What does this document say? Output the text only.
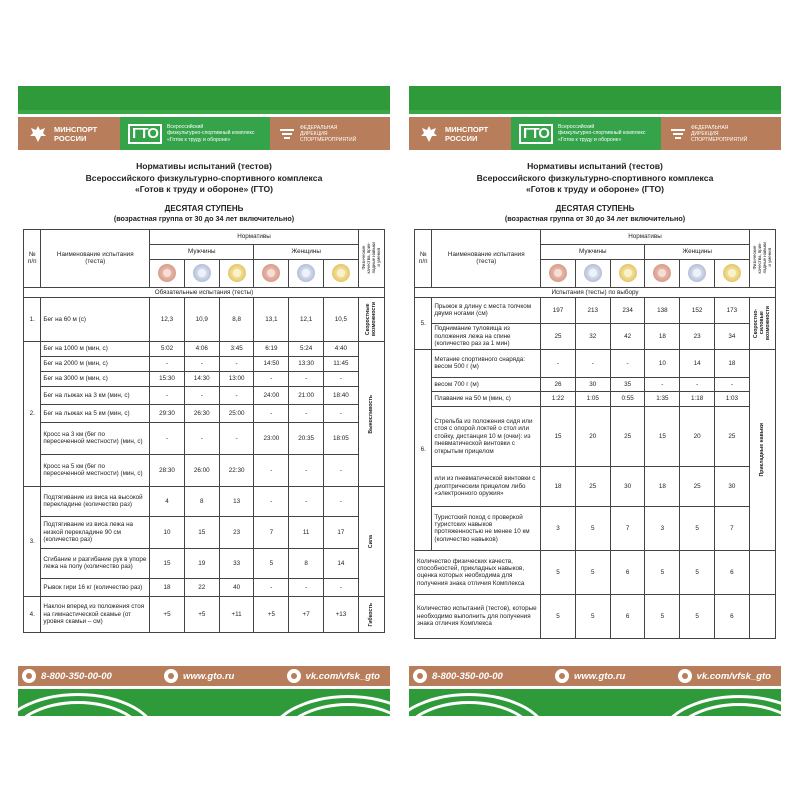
МИНСПОРТ
РОССИИ	ГТО	Всероссийский
физкультурно-спортивный комплекс
«Готов к труду и обороне»
ФЕДЕРАЛЬНАЯ
ДИРЕКЦИЯ
СПОРТМЕРОПРИЯТИЙ
Нормативы испытаний (тестов)
Всероссийского физкультурно-спортивного комплекса
«Готов к труду и обороне» (ГТО)
ДЕСЯТАЯ СТУПЕНЬ
(возрастная группа от 30 до 34 лет включительно)
№
п/п	Наименование испытания
(теста)	Нормативы						Физические
качества, прик-
ладные навыки
и умения

		Мужчины			Женщины			

Обязательные испытания (тесты)								
1.	Бег на 60 м (с)	12,3	10,9	8,8	13,1	12,1	10,5	Скоростные
возможности

2.	Бег на 1000 м (мин, с)	5:02	4:06	3:45	6:19	5:24	4:40	Выносливость

	Бег на 2000 м (мин, с)	-	-	-	14:50	13:30	11:45	
	Бег на 3000 м (мин, с)	15:30	14:30	13:00	-	-	-	
	Бег на лыжах на 3 км (мин, с)	-	-	-	24:00	21:00	18:40	
	Бег на лыжах на 5 км (мин, с)	29:30	26:30	25:00	-	-	-	
	Кросс на 3 км (бег по пересеченной местности) (мин, с)	-	-	-	23:00	20:35	18:05	
	Кросс на 5 км (бег по пересеченной местности) (мин, с)	28:30	26:00	22:30	-	-	-	
3.	Подтягивание из виса на высокой перекладине (количество раз)	4	8	13	-	-	-	Сила

	Подтягивание из виса лежа на низкой перекладине 90 см (количество раз)	10	15	23	7	11	17	
	Сгибание и разгибание рук в упоре лежа на полу (количество раз)	15	19	33	5	8	14	
	Рывок гири 16 кг (количество раз)	18	22	40	-	-	-	
4.	Наклон вперед из положения стоя на гимнастической скамье (от уровня скамьи – см)	+5	+5	+11	+5	+7	+13	Гибкость
8-800-350-00-00	www.gto.ru	vk.com/vfsk_gto
МИНСПОРТ
РОССИИ	ГТО	Всероссийский
физкультурно-спортивный комплекс
«Готов к труду и обороне»
ФЕДЕРАЛЬНАЯ
ДИРЕКЦИЯ
СПОРТМЕРОПРИЯТИЙ
Нормативы испытаний (тестов)
Всероссийского физкультурно-спортивного комплекса
«Готов к труду и обороне» (ГТО)
ДЕСЯТАЯ СТУПЕНЬ
(возрастная группа от 30 до 34 лет включительно)
№
п/п	Наименование испытания
(теста)	Нормативы						Физические
качества, прик-
ладные навыки
и умения

		Мужчины			Женщины			

Испытания (тесты) по выбору								
5.	Прыжок в длину с места толчком двумя ногами (см)	197	213	234	138	152	173	Скоростно-
силовые
возможности

	Поднимание туловища из положения лежа на спине (количество раз за 1 мин)	25	32	42	18	23	34	
6.	Метание спортивного снаряда: весом 500 г (м)	-	-	-	10	14	18	Прикладные навыки

	весом 700 г (м)	26	30	35	-	-	-	
	Плавание на 50 м (мин, с)	1:22	1:05	0:55	1:35	1:18	1:03	
	Стрельба из положения сидя или стоя с опорой локтей о стол или стойку, дистанция 10 м (очки): из пневматической винтовки с открытым прицелом	15	20	25	15	20	25	
	или из пневматической винтовки с диоптрическим прицелом либо «электронного оружия»	18	25	30	18	25	30	
	Туристский поход с проверкой туристских навыков протяженностью не менее 10 км (количество навыков)	3	5	7	3	5	7	
Количество физических качеств, способностей, прикладных навыков, оценка которых необходима для получения знака отличия Комплекса		5	5	6	5	5	6	
Количество испытаний (тестов), которые необходимо выполнить для получения знака отличия Комплекса		5	5	6	5	5	6	
8-800-350-00-00	www.gto.ru	vk.com/vfsk_gto
